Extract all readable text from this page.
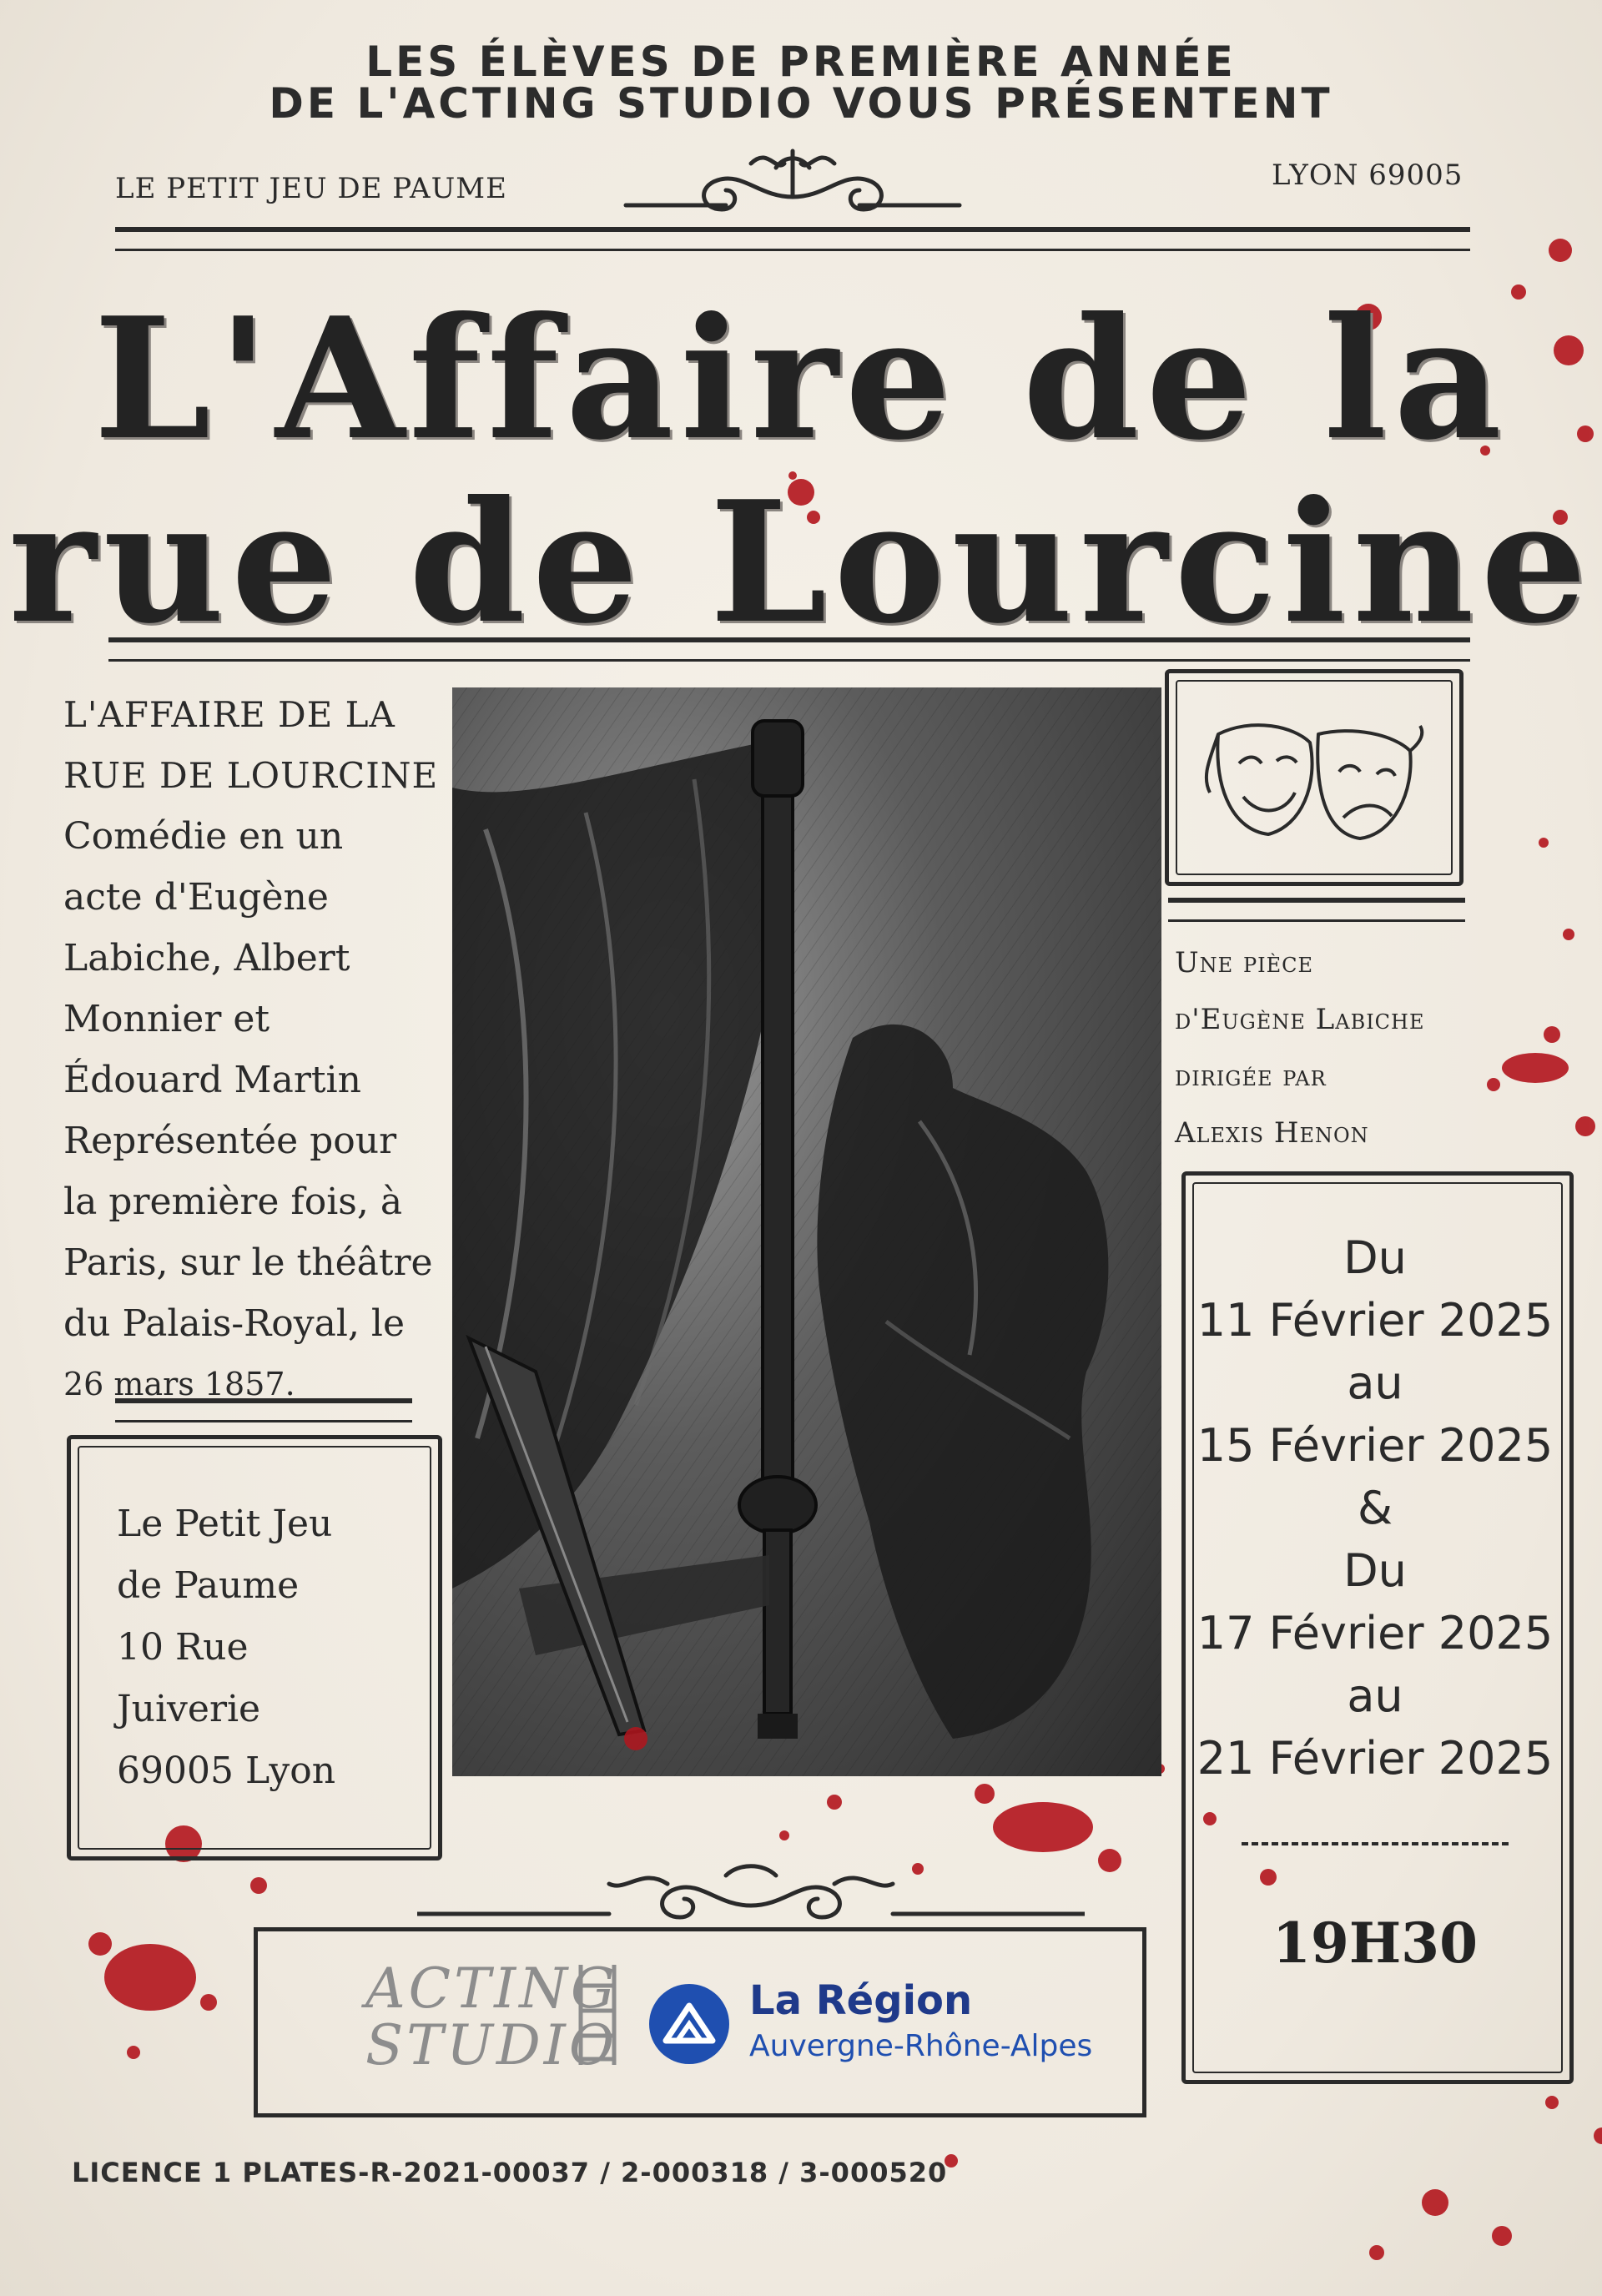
LES ÉLÈVES DE PREMIÈRE ANNÉE
DE L'ACTING STUDIO VOUS PRÉSENTENT
LE PETIT JEU DE PAUME	LYON 69005
L'Affaire de la
rue de Lourcine
L'AFFAIRE DE LA
RUE DE LOURCINE
Comédie en un
acte d'Eugène
Labiche, Albert
Monnier et
Édouard Martin
Représentée pour
la première fois, à
Paris, sur le théâtre
du Palais-Royal, le
26 mars 1857.
Le Petit Jeu
de Paume
10 Rue
Juiverie
69005 Lyon
Une pièce
d'Eugène Labiche
dirigée par
Alexis Henon
Du
11 Février 2025
au
15 Février 2025
&
Du
17 Février 2025
au
21 Février 2025
19H30
ACTING
STUDIO
La Région
Auvergne-Rhône-Alpes
LICENCE 1 PLATES-R-2021-00037 / 2-000318 / 3-000520
